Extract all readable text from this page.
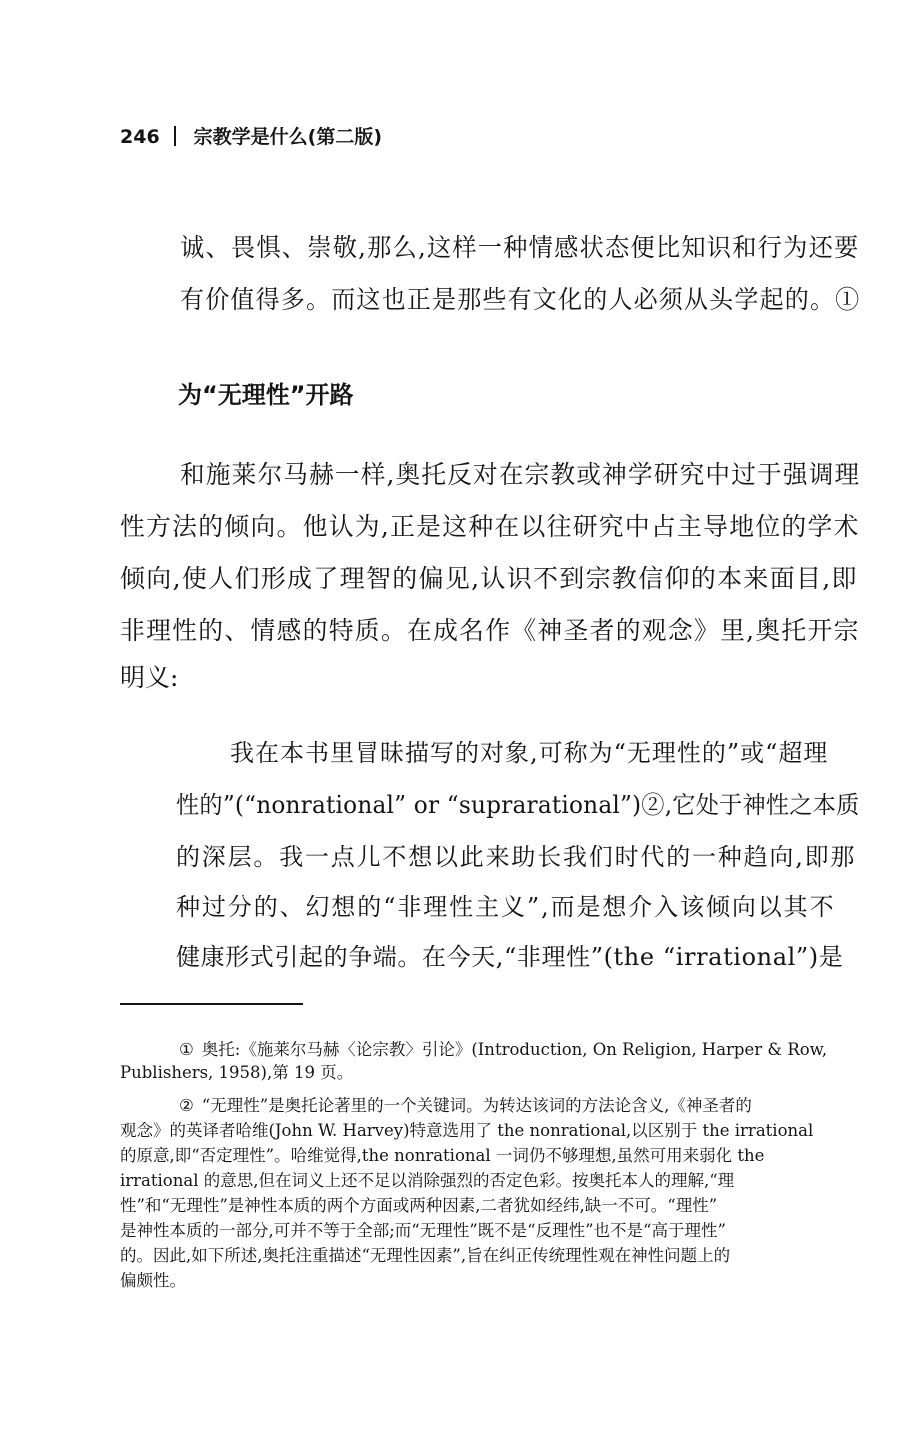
246 宗教学是什么(第二版)
诚、畏惧、崇敬,那么,这样一种情感状态便比知识和行为还要
有价值得多。而这也正是那些有文化的人必须从头学起的。①
为“无理性”开路
和施莱尔马赫一样,奥托反对在宗教或神学研究中过于强调理
性方法的倾向。他认为,正是这种在以往研究中占主导地位的学术
倾向,使人们形成了理智的偏见,认识不到宗教信仰的本来面目,即
非理性的、情感的特质。在成名作《神圣者的观念》里,奥托开宗
明义:
我在本书里冒昧描写的对象,可称为“无理性的”或“超理
性的”(“nonrational” or “suprarational”)②,它处于神性之本质
的深层。我一点儿不想以此来助长我们时代的一种趋向,即那
种过分的、幻想的“非理性主义”,而是想介入该倾向以其不
健康形式引起的争端。在今天,“非理性”(the “irrational”)是
① 奥托:《施莱尔马赫〈论宗教〉引论》(Introduction, On Religion, Harper & Row,
Publishers, 1958),第 19 页。
② “无理性”是奥托论著里的一个关键词。为转达该词的方法论含义,《神圣者的
观念》的英译者哈维(John W. Harvey)特意选用了 the nonrational,以区别于 the irrational
的原意,即“否定理性”。哈维觉得,the nonrational 一词仍不够理想,虽然可用来弱化 the
irrational 的意思,但在词义上还不足以消除强烈的否定色彩。按奥托本人的理解,“理
性”和“无理性”是神性本质的两个方面或两种因素,二者犹如经纬,缺一不可。“理性”
是神性本质的一部分,可并不等于全部;而“无理性”既不是“反理性”也不是“高于理性”
的。因此,如下所述,奥托注重描述“无理性因素”,旨在纠正传统理性观在神性问题上的
偏颇性。
